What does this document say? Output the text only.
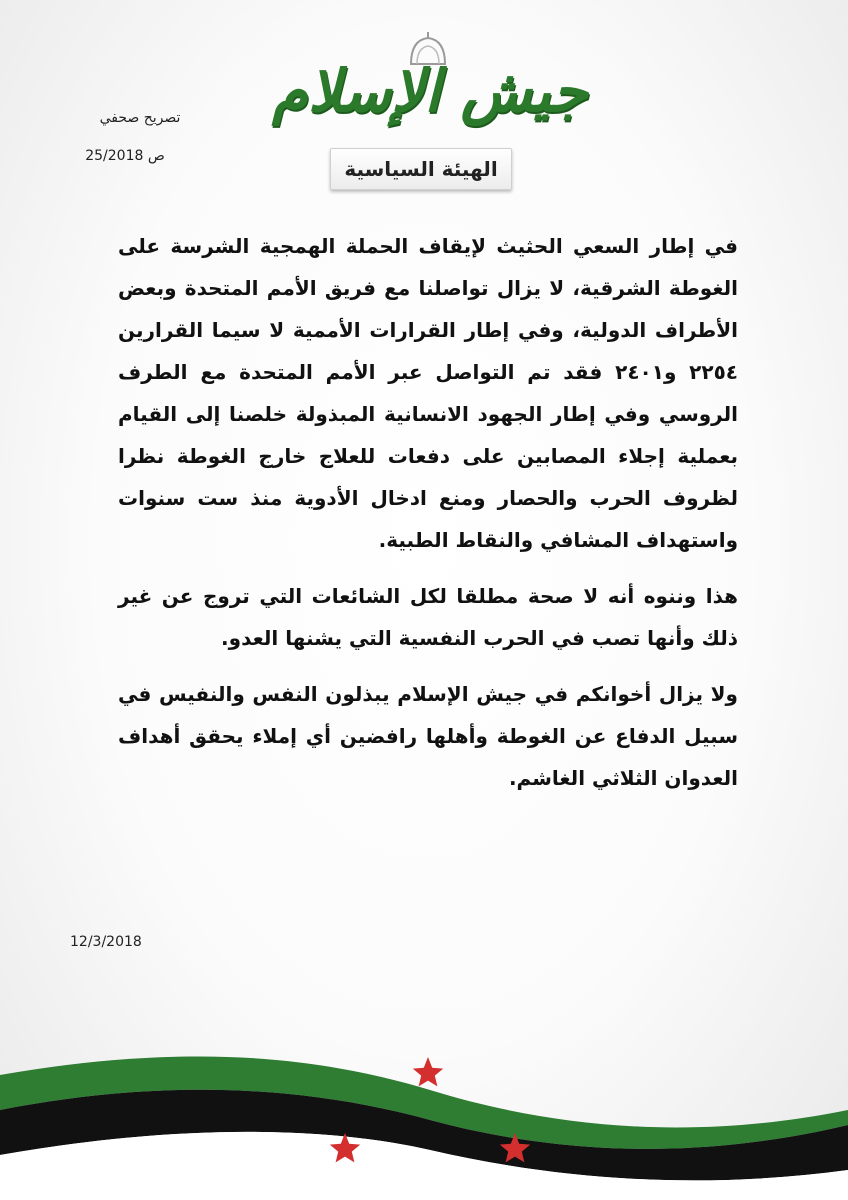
جيش الإسلام
تصريح صحفي
ص 25/2018
الهيئة السياسية

في إطار السعي الحثيث لإيقاف الحملة الهمجية الشرسة على الغوطة الشرقية، لا يزال تواصلنا مع فريق الأمم المتحدة وبعض الأطراف الدولية، وفي إطار القرارات الأممية لا سيما القرارين ٢٢٥٤ و٢٤٠١ فقد تم التواصل عبر الأمم المتحدة مع الطرف الروسي وفي إطار الجهود الانسانية المبذولة خلصنا إلى القيام بعملية إجلاء المصابين على دفعات للعلاج خارج الغوطة نظرا لظروف الحرب والحصار ومنع ادخال الأدوية منذ ست سنوات واستهداف المشافي والنقاط الطبية.

هذا وننوه أنه لا صحة مطلقا لكل الشائعات التي تروج عن غير ذلك وأنها تصب في الحرب النفسية التي يشنها العدو.

ولا يزال أخوانكم في جيش الإسلام يبذلون النفس والنفيس في سبيل الدفاع عن الغوطة وأهلها رافضين أي إملاء يحقق أهداف العدوان الثلاثي الغاشم.

12/3/2018
